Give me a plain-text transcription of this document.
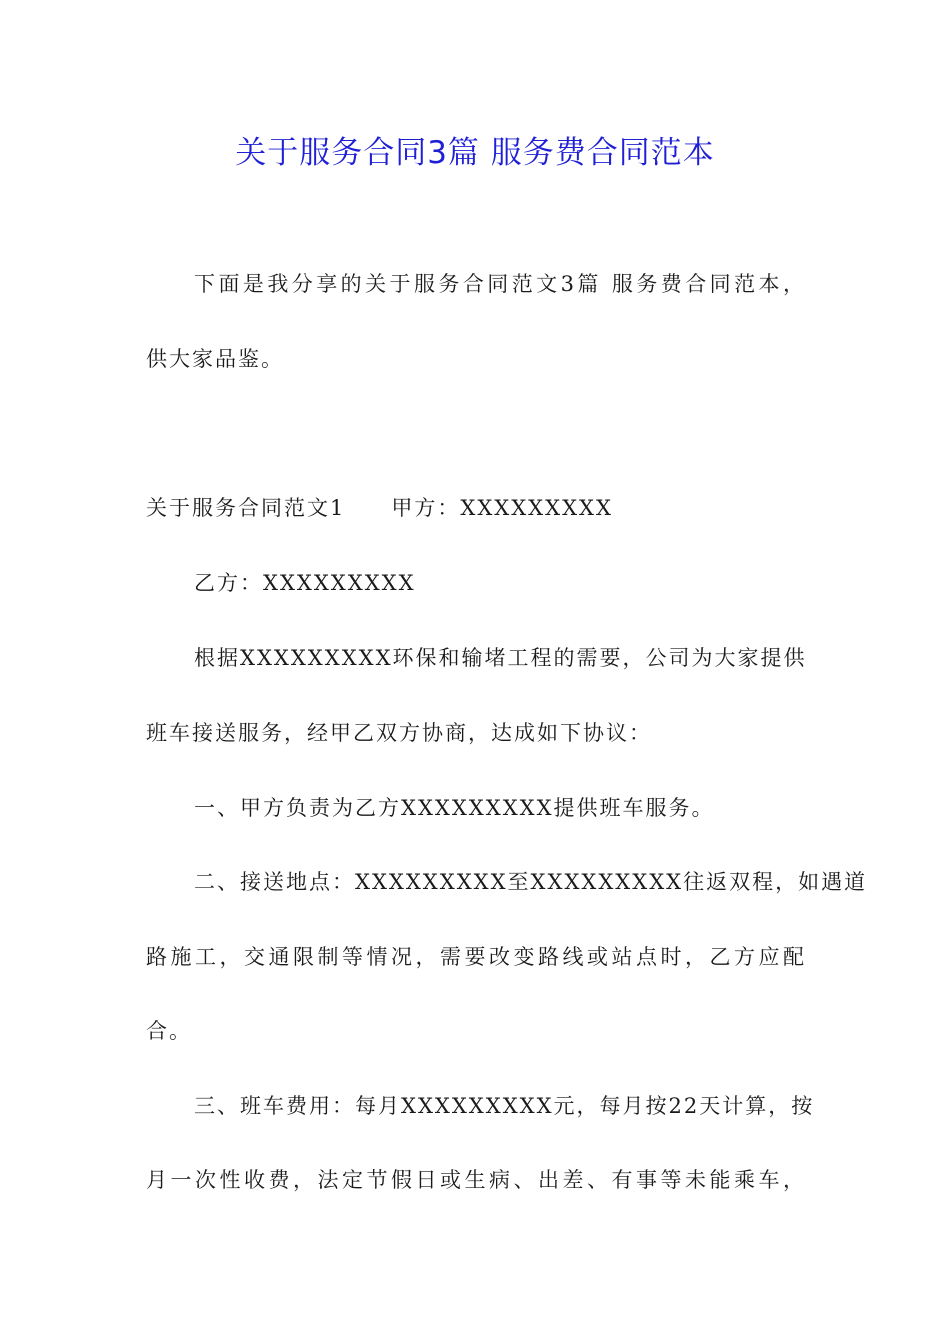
关于服务合同3篇 服务费合同范本

下面是我分享的关于服务合同范文3篇 服务费合同范本，

供大家品鉴。

关于服务合同范文1 甲方：XXXXXXXXX

乙方：XXXXXXXXX

根据XXXXXXXXX环保和输堵工程的需要，公司为大家提供

班车接送服务，经甲乙双方协商，达成如下协议：

一、甲方负责为乙方XXXXXXXXX提供班车服务。

二、接送地点：XXXXXXXXX至XXXXXXXXX往返双程，如遇道

路施工，交通限制等情况，需要改变路线或站点时，乙方应配

合。

三、班车费用：每月XXXXXXXXX元，每月按22天计算，按

月一次性收费，法定节假日或生病、出差、有事等未能乘车，
